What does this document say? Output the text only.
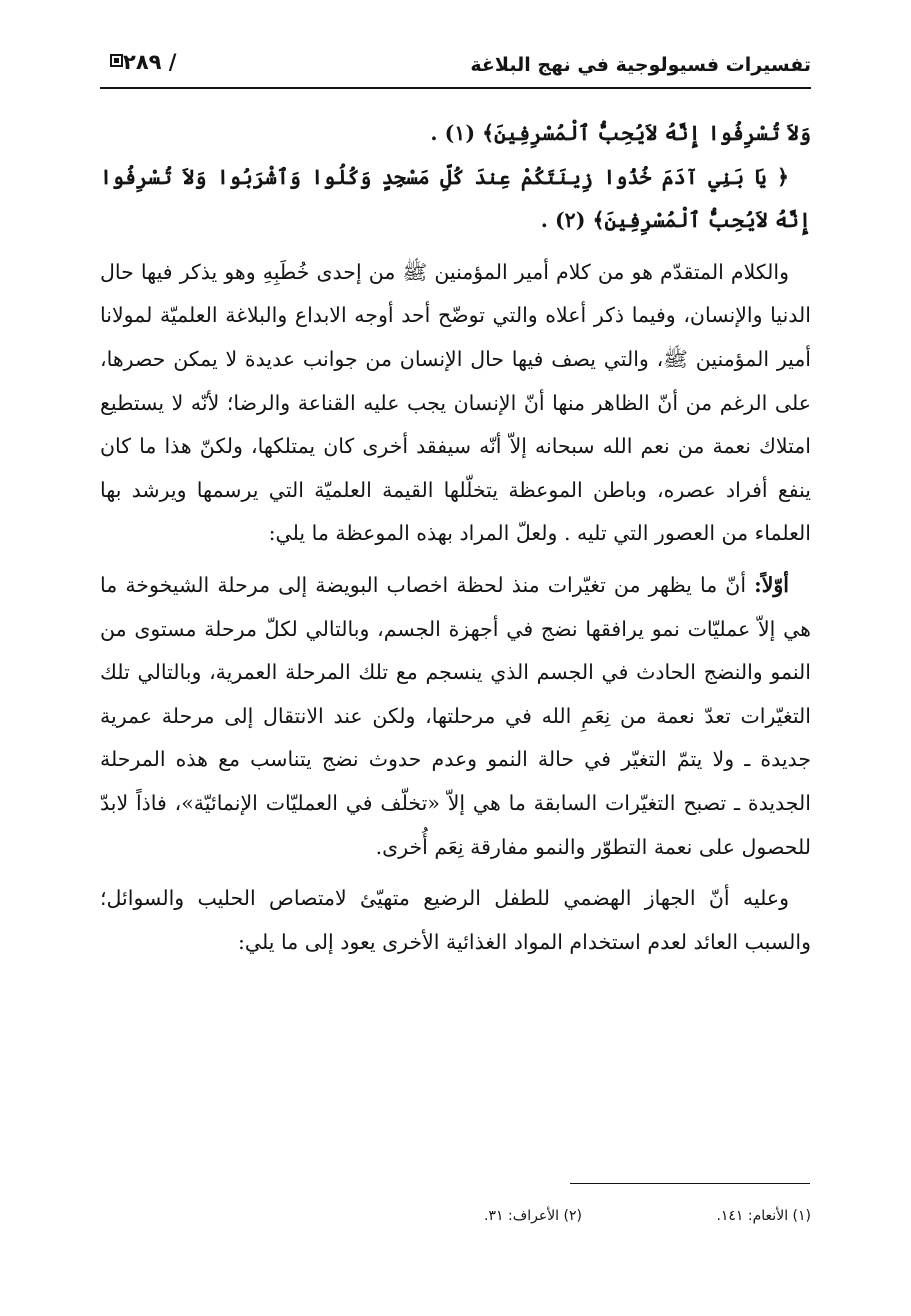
تفسيرات فسيولوجية في نهج البلاغة
٢٨٩ /

وَلاَ تُسْرِفُوا إِنَّهُ لاَيُحِبُّ ٱلْمُسْرِفِينَ﴾ (١) .

﴿ يَا بَنِي آدَمَ خُذُوا زِينَتَكُمْ عِندَ كُلِّ مَسْجِدٍ وَكُلُوا وَٱشْرَبُوا وَلاَ تُسْرِفُوا إِنَّهُ لاَيُحِبُّ ٱلْمُسْرِفِينَ﴾ (٢) .

والكلام المتقدّم هو من كلام أمير المؤمنين ﷺ من إحدى خُطَبِهِ وهو يذكر فيها حال الدنيا والإنسان، وفيما ذكر أعلاه والتي توضّح أحد أوجه الابداع والبلاغة العلميّة لمولانا أمير المؤمنين ﷺ، والتي يصف فيها حال الإنسان من جوانب عديدة لا يمكن حصرها، على الرغم من أنّ الظاهر منها أنّ الإنسان يجب عليه القناعة والرضا؛ لأنّه لا يستطيع امتلاك نعمة من نعم الله سبحانه إلاّ أنّه سيفقد أخرى كان يمتلكها، ولكنّ هذا ما كان ينفع أفراد عصره، وباطن الموعظة يتخلّلها القيمة العلميّة التي يرسمها ويرشد بها العلماء من العصور التي تليه . ولعلّ المراد بهذه الموعظة ما يلي:

أوّلاً: أنّ ما يظهر من تغيّرات منذ لحظة اخصاب البويضة إلى مرحلة الشيخوخة ما هي إلاّ عمليّات نمو يرافقها نضج في أجهزة الجسم، وبالتالي لكلّ مرحلة مستوى من النمو والنضج الحادث في الجسم الذي ينسجم مع تلك المرحلة العمرية، وبالتالي تلك التغيّرات تعدّ نعمة من نِعَمِ الله في مرحلتها، ولكن عند الانتقال إلى مرحلة عمرية جديدة ـ ولا يتمّ التغيّر في حالة النمو وعدم حدوث نضج يتناسب مع هذه المرحلة الجديدة ـ تصبح التغيّرات السابقة ما هي إلاّ «تخلّف في العمليّات الإنمائيّة»، فاذاً لابدّ للحصول على نعمة التطوّر والنمو مفارقة نِعَم أُخرى.

وعليه أنّ الجهاز الهضمي للطفل الرضيع متهيّئ لامتصاص الحليب والسوائل؛ والسبب العائد لعدم استخدام المواد الغذائية الأخرى يعود إلى ما يلي:

(١) الأنعام: ١٤١. (٢) الأعراف: ٣١.
